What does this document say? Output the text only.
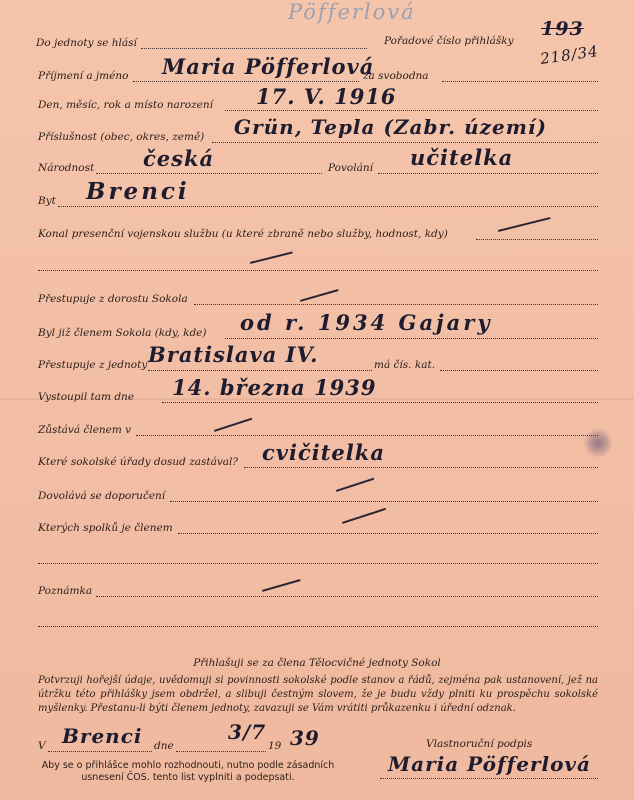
Pöfferlová
Do jednoty se hlásí	Pořadové číslo přihlášky
193
218/34
Příjmení a jméno Maria Pöfferlová
za svobodna
Den, měsíc, rok a místo narození 17. V. 1916
Příslušnost (obec, okres, země) Grün, Tepla (Zabr. území)
Národnost česká	Povolání učitelka
Byt Brenci
Konal presenční vojenskou službu (u které zbraně nebo služby, hodnost, kdy)
Přestupuje z dorostu Sokola
Byl již členem Sokola (kdy, kde) od r. 1934 Gajary
Přestupuje z jednoty Bratislava IV.	má čís. kat.
Vystoupil tam dne 14. března 1939
Zůstává členem v
Které sokolské úřady dosud zastával? cvičitelka
Dovolává se doporučení
Kterých spolků je členem
Poznámka
Přihlašuji se za člena Tělocvičné jednoty Sokol
Potvrzuji hořejší údaje, uvědomuji si povinnosti sokolské podle stanov a řádů, zejména pak ustanovení, jež na útržku této přihlášky jsem obdržel, a slibuji čestným slovem, že je budu vždy plniti ku prospěchu sokolské myšlenky. Přestanu-li býti členem jednoty, zavazuji se Vám vrátiti průkazenku i úřední odznak.
V Brenci dne
3/7
19 39	Vlastnoruční podpis
Maria Pöfferlová
Aby se o přihlášce mohlo rozhodnouti, nutno podle zásadních usnesení ČOS. tento list vyplniti a podepsati.
